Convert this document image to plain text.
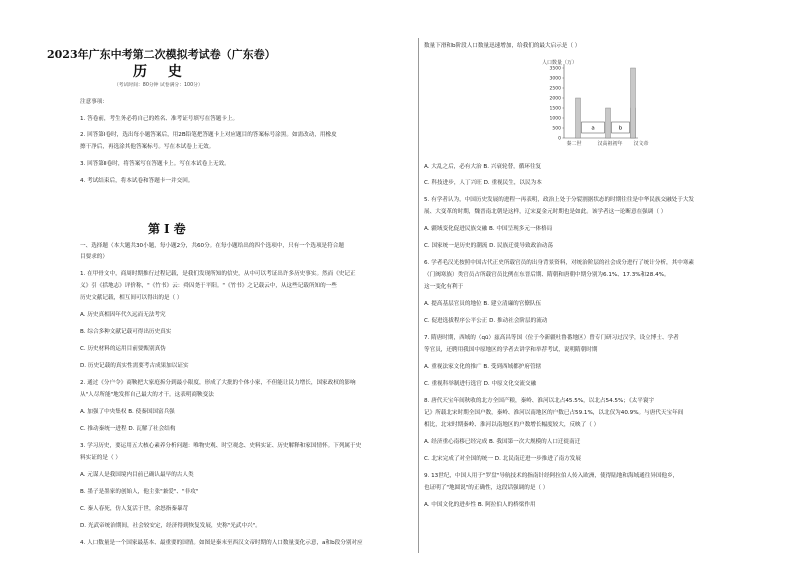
2023年广东中考第二次模拟考试卷（广东卷）
历 史
（考试时间：80分钟 试卷满分：100分）
注意事项：
1. 答卷前，考生务必将自己的姓名、准考证号填写在答题卡上。
2. 回答第Ⅰ卷时，选出每小题答案后，用2B铅笔把答题卡上对应题目的答案标号涂黑。如需改动，用橡皮
擦干净后，再选涂其他答案标号。写在本试卷上无效。
3. 回答第Ⅱ卷时，将答案写在答题卡上。写在本试卷上无效。
4. 考试结束后，将本试卷和答题卡一并交回。
一、选择题（本大题共30小题，每小题2分，共60分。在每小题给出的四个选项中，只有一个选项是符合题
目要求的）
1. 在甲骨文中，商周时期推行过程记载，是我们发现所知的信史，从中可以考证出许多历史事实。然而《史记正
义》引《括地志》评价称，"《竹书》云：舜囚尧于平阳。"《竹书》之记载云中，从这些记载所知的一些
历史文献记载，相互间可以得出的是（ ）
A. 历史真相因年代久远而无法考究
B. 综合多种文献记载可得出历史真实
C. 历史材料的运用目前要甄别真伪
D. 历史记载的真实性需要考古成果加以证实
2. 通过《分户令》商鞅把大家庭拆分到最小限度，形成了大批的个体小家，不但能让民力增长，国家政权的影响
从"人尽所能"地发挥自己最大的才干。这表明商鞅变法
A. 加强了中央集权 B. 使秦国国富兵强
C. 推动秦统一进程 D. 瓦解了社会结构
3. 学习历史，要运用五大核心素养分析问题：唯物史观、时空观念、史料实证、历史解释和家国情怀。下列属于史
料实证的是（ ）
A. 元谋人是我国境内目前已确认最早的古人类
B. 墨子是墨家的创始人，他主张"兼爱"、"非攻"
C. 秦人春死，仿人复活于世，余怒指秦暴苛
D. 光武帝统治期间，社会较安定，经济得到恢复发展，史称"光武中兴"。
4. 人口数量是一个国家最基本、最重要的国情。如图是秦末至西汉文帝时期的人口数量变化示意，a和b段分别对应
第Ⅰ卷
数量下滑和b阶段人口数量迅速增加，给我们的最大启示是（ ）
A. 大乱之后，必有大治 B. 兴衰轮替，循环往复
C. 科技进步，人丁兴旺 D. 重视民生，以民为本
5. 有学者认为，中国历史发展的进程一再表明，政治上处于分裂割据状态的时期往往是中华民族交融处于大发
展、大变革的时期，魏晋南北朝是这样，辽宋夏金元时期也是如此。该学者这一论断意在强调（ ）
A. 疆域变化促进民族交融 B. 中国呈现多元一体格局
C. 国家统一是历史的潮流 D. 民族迁徙导致政治动荡
6. 学者毛汉光按照中国古代正史所载官员的出身背景资料，对统治阶层的社会成分进行了统计分析，其中寒素
（门阀寒族）类官员占所载官员比例在东晋后期、隋朝和唐朝中期分别为6.1%、17.3%和28.4%。
这一变化有利于
A. 提高基层官员的地位 B. 建立清廉的官僚队伍
C. 促进选拔程序公平公正 D. 推动社会阶层的流动
7. 隋唐时期，西域的（qū）兹高昌等国（位于今新疆吐鲁番地区）曾专门研习过汉学，设立博士、学者
等官员，还聘用我国中原地区的学者去讲学和举荐考试，说明隋朝时期
A. 重视法家文化的推广 B. 受到西域都护府管辖
C. 重视科举制进行选官 D. 中原文化交流交融
8. 唐代天宝年间秋收的北方全国产粮，秦岭、淮河以北占45.5%，以北占54.5%；《太平寰宇
记》所载北宋时期全国户数，秦岭、淮河以南地区的户数已占59.1%，以北仅为40.9%。与唐代天宝年间
相比，北宋时期秦岭、淮河以南地区的户数增长幅度较大，反映了（ ）
A. 经济重心南移已经完成 B. 我国第一次大规模的人口迁徙南迁
C. 北宋完成了对全国的统一 D. 北民南迁进一步推进了南方发展
9. 13世纪，中国人用于"罗盘"导航技术的指南针经阿拉伯人传入欧洲，使得陆地和海域通往异国他乡，
也证明了"地圆说"的正确性，这段话强调的是（ ）
A. 中国文化的进步性 B. 阿拉伯人的桥梁作用
人口数量（万）
3500
3000
2500
2000
1500
1000
500
0
a	b
秦二世	汉高祖初年 汉文帝
